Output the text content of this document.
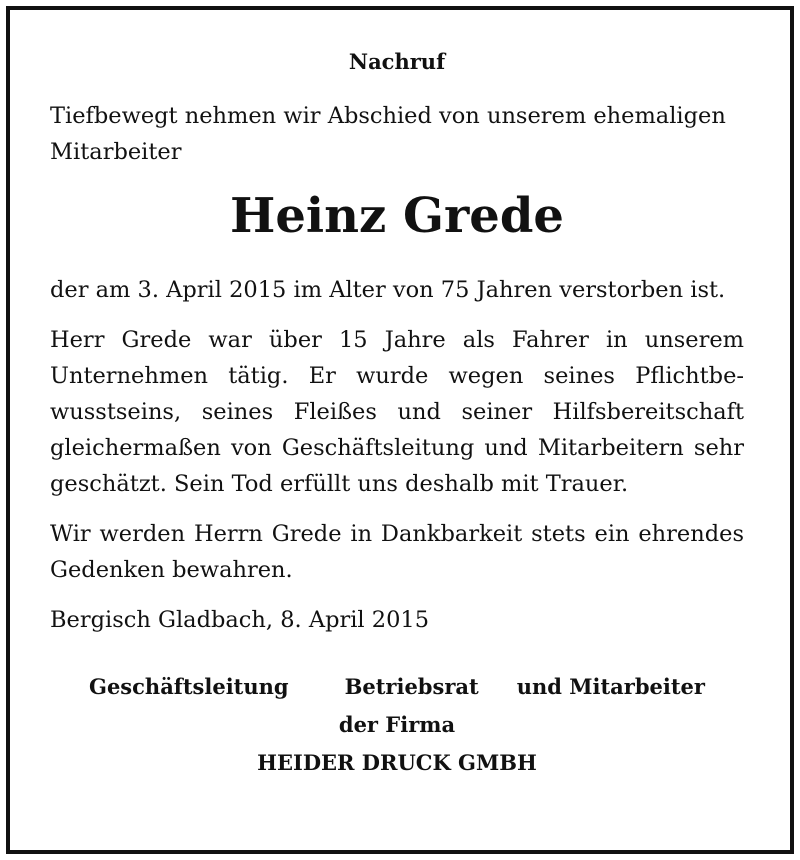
Nachruf

Tiefbewegt nehmen wir Abschied von unserem ehemaligen Mitarbeiter

Heinz Grede

der am 3. April 2015 im Alter von 75 Jahren verstorben ist.

Herr Grede war über 15 Jahre als Fahrer in unserem Unternehmen tätig. Er wurde wegen seines Pflichtbewusstseins, seines Fleißes und seiner Hilfsbereitschaft gleichermaßen von Geschäftsleitung und Mitarbeitern sehr geschätzt. Sein Tod erfüllt uns deshalb mit Trauer.

Wir werden Herrn Grede in Dankbarkeit stets ein ehrendes Gedenken bewahren.

Bergisch Gladbach, 8. April 2015

Geschäftsleitung	Betriebsrat und Mitarbeiter
der Firma
HEIDER DRUCK GMBH
